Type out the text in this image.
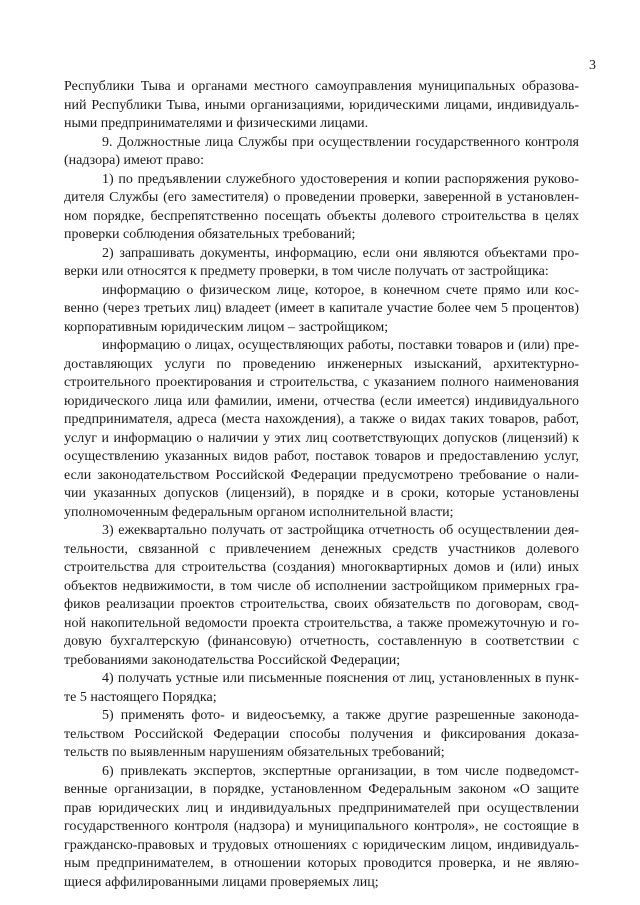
3
Республики Тыва и органами местного самоуправления муниципальных образова-
ний Республики Тыва, иными организациями, юридическими лицами, индивидуаль-
ными предпринимателями и физическими лицами.
9. Должностные лица Службы при осуществлении государственного контроля
(надзора) имеют право:
1) по предъявлении служебного удостоверения и копии распоряжения руково-
дителя Службы (его заместителя) о проведении проверки, заверенной в установлен-
ном порядке, беспрепятственно посещать объекты долевого строительства в целях
проверки соблюдения обязательных требований;
2) запрашивать документы, информацию, если они являются объектами про-
верки или относятся к предмету проверки, в том числе получать от застройщика:
информацию о физическом лице, которое, в конечном счете прямо или кос-
венно (через третьих лиц) владеет (имеет в капитале участие более чем 5 процентов)
корпоративным юридическим лицом – застройщиком;
информацию о лицах, осуществляющих работы, поставки товаров и (или) пре-
доставляющих услуги по проведению инженерных изысканий, архитектурно-
строительного проектирования и строительства, с указанием полного наименования
юридического лица или фамилии, имени, отчества (если имеется) индивидуального
предпринимателя, адреса (места нахождения), а также о видах таких товаров, работ,
услуг и информацию о наличии у этих лиц соответствующих допусков (лицензий) к
осуществлению указанных видов работ, поставок товаров и предоставлению услуг,
если законодательством Российской Федерации предусмотрено требование о нали-
чии указанных допусков (лицензий), в порядке и в сроки, которые установлены
уполномоченным федеральным органом исполнительной власти;
3) ежеквартально получать от застройщика отчетность об осуществлении дея-
тельности, связанной с привлечением денежных средств участников долевого
строительства для строительства (создания) многоквартирных домов и (или) иных
объектов недвижимости, в том числе об исполнении застройщиком примерных гра-
фиков реализации проектов строительства, своих обязательств по договорам, свод-
ной накопительной ведомости проекта строительства, а также промежуточную и го-
довую бухгалтерскую (финансовую) отчетность, составленную в соответствии с
требованиями законодательства Российской Федерации;
4) получать устные или письменные пояснения от лиц, установленных в пунк-
те 5 настоящего Порядка;
5) применять фото- и видеосъемку, а также другие разрешенные законода-
тельством Российской Федерации способы получения и фиксирования доказа-
тельств по выявленным нарушениям обязательных требований;
6) привлекать экспертов, экспертные организации, в том числе подведомст-
венные организации, в порядке, установленном Федеральным законом «О защите
прав юридических лиц и индивидуальных предпринимателей при осуществлении
государственного контроля (надзора) и муниципального контроля», не состоящие в
гражданско-правовых и трудовых отношениях с юридическим лицом, индивидуаль-
ным предпринимателем, в отношении которых проводится проверка, и не являю-
щиеся аффилированными лицами проверяемых лиц;
